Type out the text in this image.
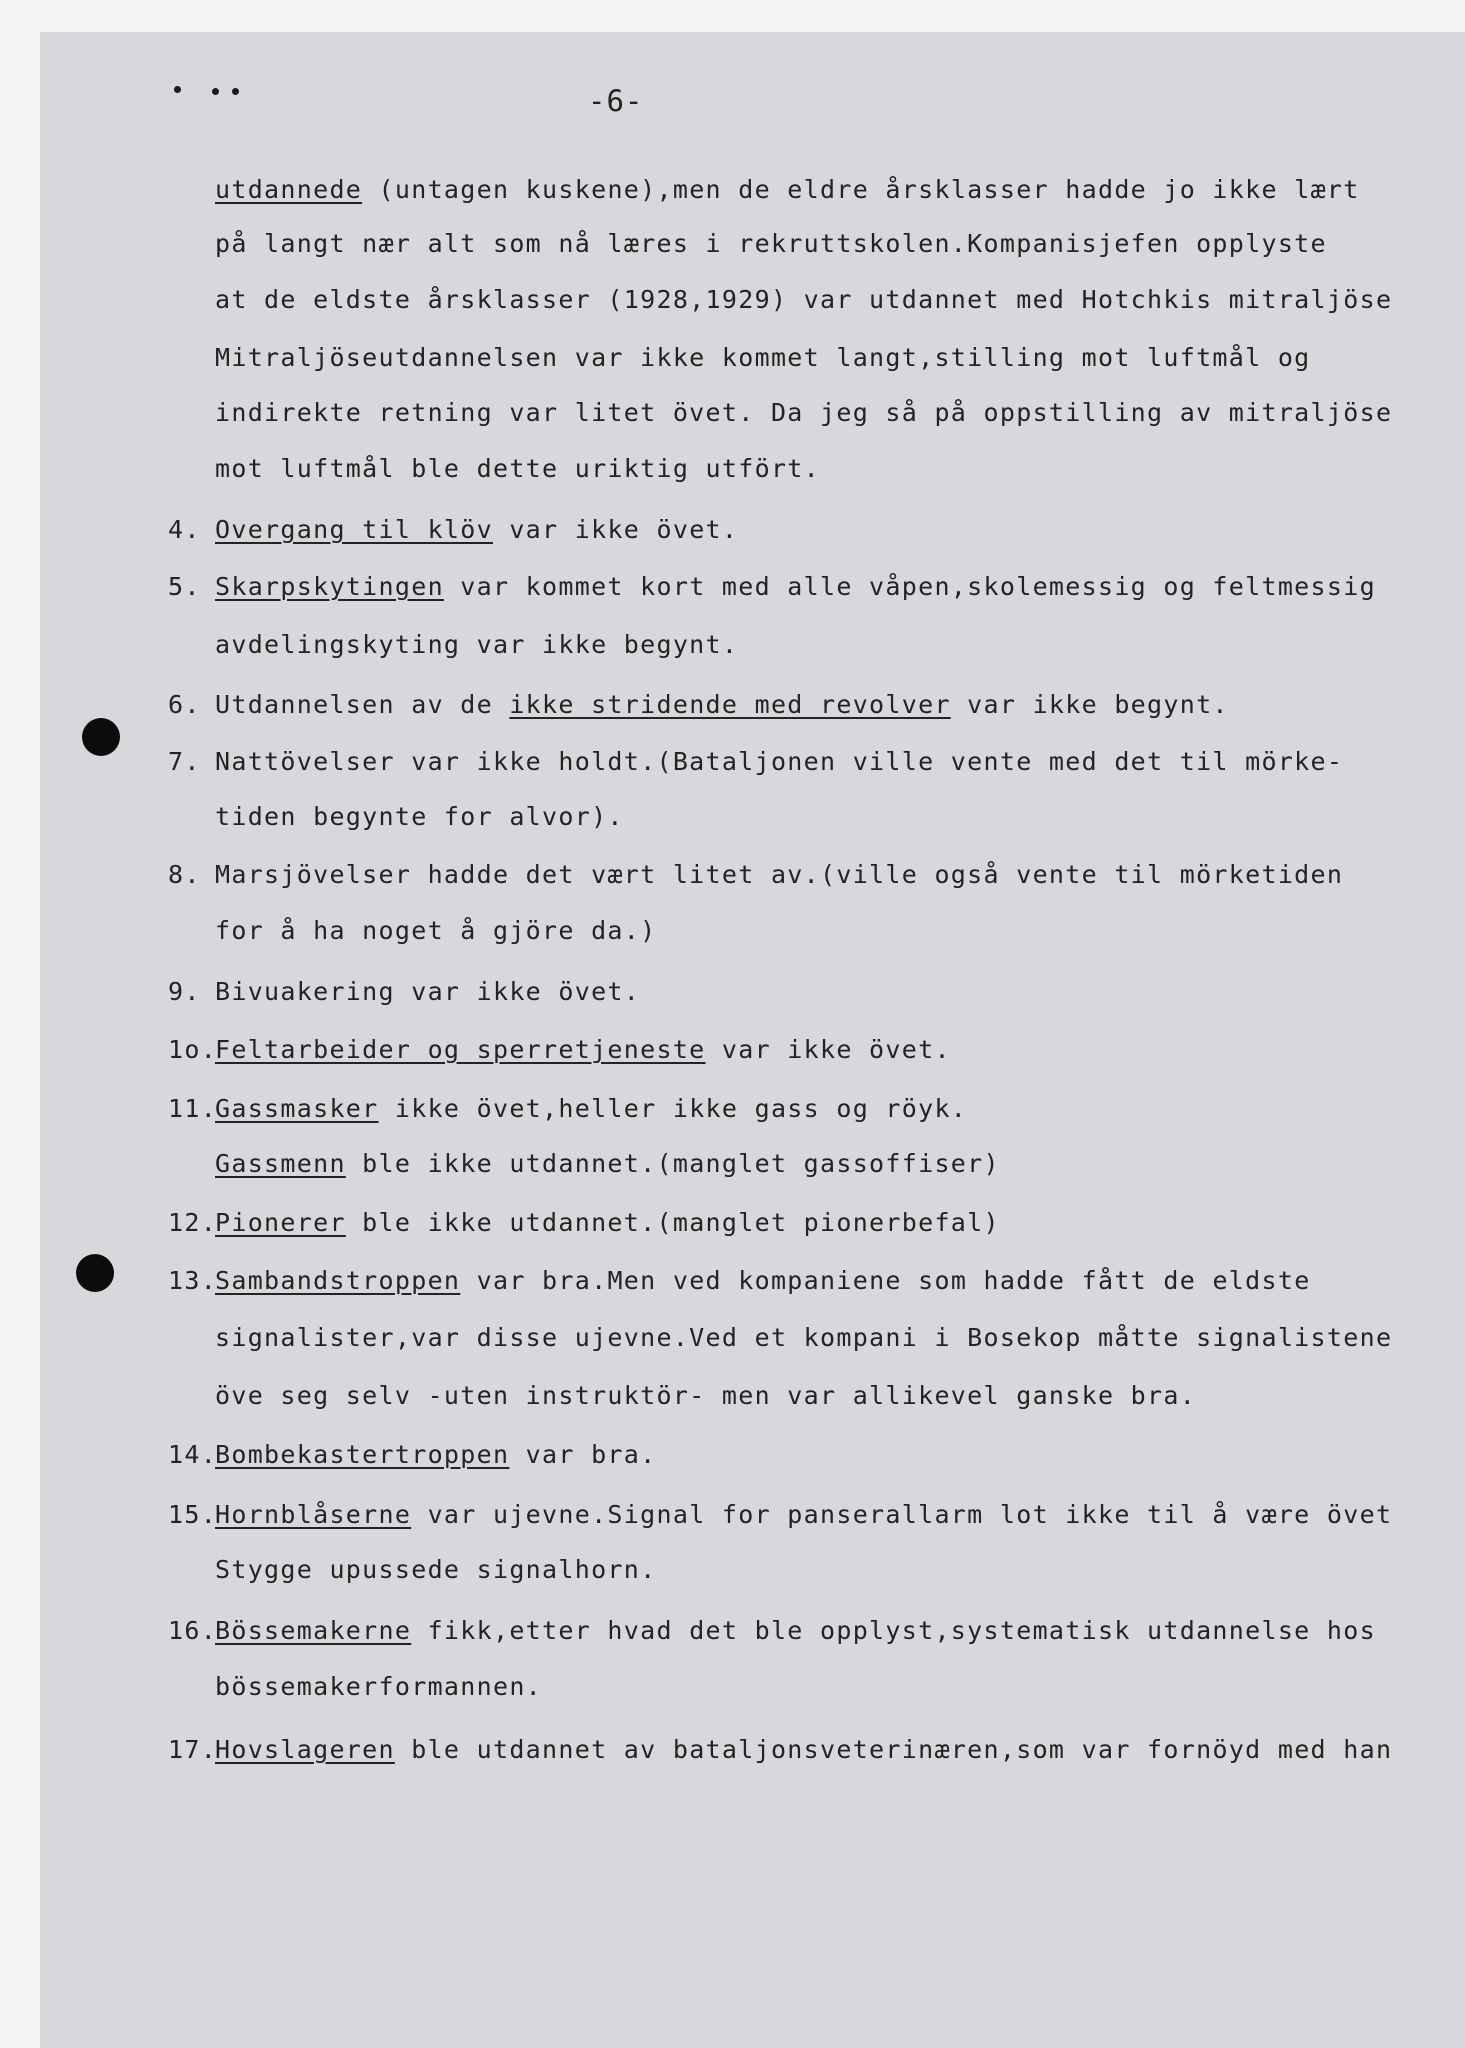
-6-
utdannede (untagen kuskene),men de eldre årsklasser hadde jo ikke lært
på langt nær alt som nå læres i rekruttskolen.Kompanisjefen opplyste
at de eldste årsklasser (1928,1929) var utdannet med Hotchkis mitraljöse
Mitraljöseutdannelsen var ikke kommet langt,stilling mot luftmål og
indirekte retning var litet övet. Da jeg så på oppstilling av mitraljöse
mot luftmål ble dette uriktig utfört.
4. Overgang til klöv var ikke övet.
5. Skarpskytingen var kommet kort med alle våpen,skolemessig og feltmessig
avdelingskyting var ikke begynt.
6. Utdannelsen av de ikke stridende med revolver var ikke begynt.
7. Nattövelser var ikke holdt.(Bataljonen ville vente med det til mörke-
tiden begynte for alvor).
8. Marsjövelser hadde det vært litet av.(ville også vente til mörketiden
for å ha noget å gjöre da.)
9. Bivuakering var ikke övet.
1o.Feltarbeider og sperretjeneste var ikke övet.
11.Gassmasker ikke övet,heller ikke gass og röyk.
Gassmenn ble ikke utdannet.(manglet gassoffiser)
12.Pionerer ble ikke utdannet.(manglet pionerbefal)
13.Sambandstroppen var bra.Men ved kompaniene som hadde fått de eldste
signalister,var disse ujevne.Ved et kompani i Bosekop måtte signalistene
öve seg selv -uten instruktör- men var allikevel ganske bra.
14.Bombekastertroppen var bra.
15.Hornblåserne var ujevne.Signal for panserallarm lot ikke til å være övet
Stygge upussede signalhorn.
16.Bössemakerne fikk,etter hvad det ble opplyst,systematisk utdannelse hos
bössemakerformannen.
17.Hovslageren ble utdannet av bataljonsveterinæren,som var fornöyd med han
